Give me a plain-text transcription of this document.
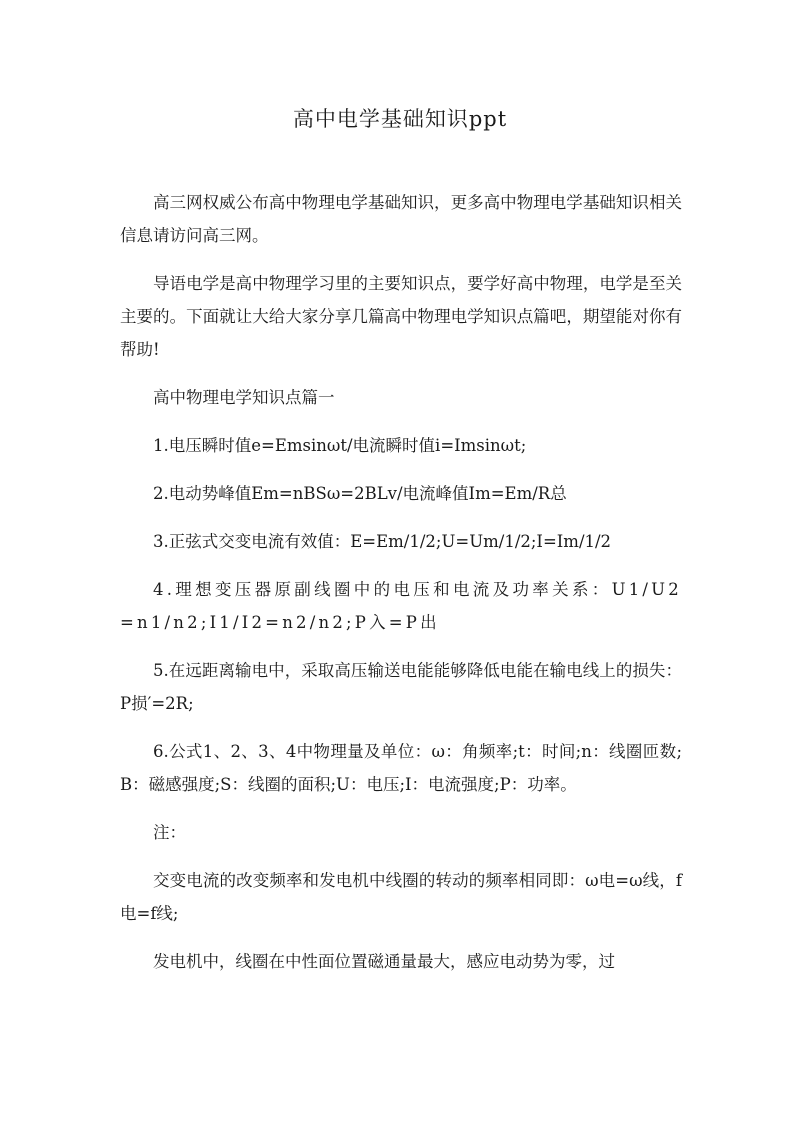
高中电学基础知识ppt

高三网权威公布高中物理电学基础知识，更多高中物理电学基础知识相关信息请访问高三网。

导语电学是高中物理学习里的主要知识点，要学好高中物理，电学是至关主要的。下面就让大给大家分享几篇高中物理电学知识点篇吧，期望能对你有帮助!

高中物理电学知识点篇一

1.电压瞬时值e=Emsinωt/电流瞬时值i=Imsinωt;

2.电动势峰值Em=nBSω=2BLv/电流峰值Im=Em/R总

3.正弦式交变电流有效值：E=Em/1/2;U=Um/1/2;I=Im/1/2

4.理想变压器原副线圈中的电压和电流及功率关系：U1/U2=n1/n2;I1/I2=n2/n2;P入=P出

5.在远距离输电中，采取高压输送电能能够降低电能在输电线上的损失：P损′=2R;

6.公式1、2、3、4中物理量及单位：ω：角频率;t：时间;n：线圈匝数;B：磁感强度;S：线圈的面积;U：电压;I：电流强度;P：功率。

注：

交变电流的改变频率和发电机中线圈的转动的频率相同即：ω电=ω线，f电=f线;

发电机中，线圈在中性面位置磁通量最大，感应电动势为零，过
